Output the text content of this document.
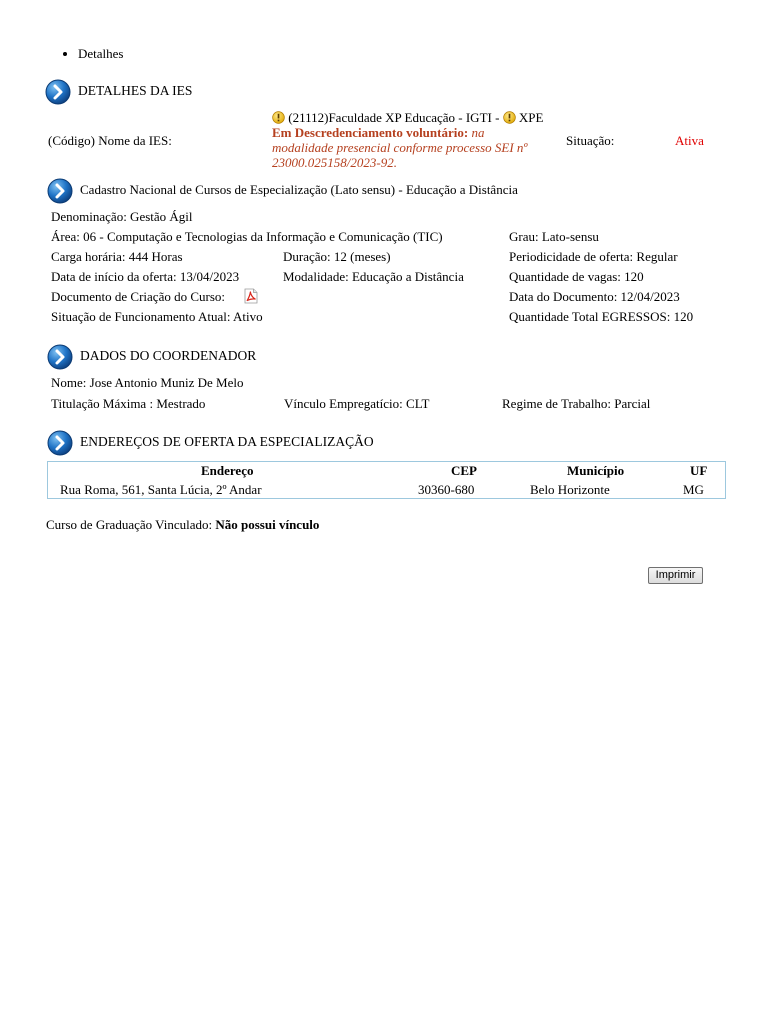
• Detalhes
DETALHES DA IES
(Código) Nome da IES:
(21112)Faculdade XP Educação - IGTI - XPE
Em Descredenciamento voluntário: na
modalidade presencial conforme processo SEI nº
23000.025158/2023-92.
Situação:	Ativa
Cadastro Nacional de Cursos de Especialização (Lato sensu) - Educação a Distância
Denominação: Gestão Ágil
Área: 06 - Computação e Tecnologias da Informação e Comunicação (TIC)	Grau: Lato-sensu
Carga horária: 444 Horas	Duração: 12 (meses)	Periodicidade de oferta: Regular
Data de início da oferta: 13/04/2023	Modalidade: Educação a Distância	Quantidade de vagas: 120
Documento de Criação do Curso:	Data do Documento: 12/04/2023
Situação de Funcionamento Atual: Ativo	Quantidade Total EGRESSOS: 120
DADOS DO COORDENADOR
Nome: Jose Antonio Muniz De Melo
Titulação Máxima : Mestrado	Vínculo Empregatício: CLT	Regime de Trabalho: Parcial
ENDEREÇOS DE OFERTA DA ESPECIALIZAÇÃO
Endereço	CEP	Município	UF
Rua Roma, 561, Santa Lúcia, 2º Andar	30360-680	Belo Horizonte	MG
Curso de Graduação Vinculado: Não possui vínculo
Imprimir
